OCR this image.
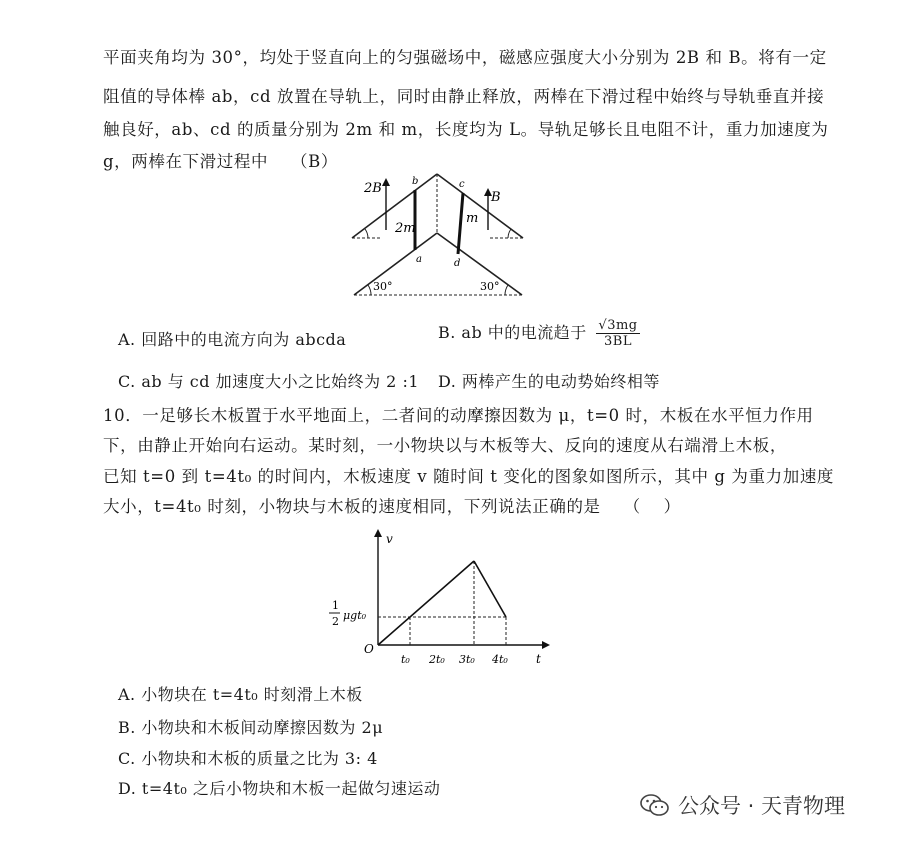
平面夹角均为 30°，均处于竖直向上的匀强磁场中，磁感应强度大小分别为 2B 和 B。将有一定
阻值的导体棒 ab，cd 放置在导轨上，同时由静止释放，两棒在下滑过程中始终与导轨垂直并接
触良好，ab、cd 的质量分别为 2m 和 m，长度均为 L。导轨足够长且电阻不计，重力加速度为
g，两棒在下滑过程中　 （B）
2B
B
2m
m
b	c
a	d
30°	30°
A. 回路中的电流方向为 abcda	B. ab 中的电流趋于 $\frac{√3mg}{3BL}$
C. ab 与 cd 加速度大小之比始终为 2 :1 D. 两棒产生的电动势始终相等
10．一足够长木板置于水平地面上，二者间的动摩擦因数为 μ，t=0 时，木板在水平恒力作用
下，由静止开始向右运动。某时刻，一小物块以与木板等大、反向的速度从右端滑上木板，
已知 t=0 到 t=4t₀ 的时间内，木板速度 v 随时间 t 变化的图象如图所示，其中 g 为重力加速度
大小，t=4t₀ 时刻，小物块与木板的速度相同，下列说法正确的是　 （　 ）
v
t
O
1
2 μgt₀
t₀ 2t₀ 3t₀ 4t₀
A. 小物块在 t=4t₀ 时刻滑上木板
B. 小物块和木板间动摩擦因数为 2μ
C. 小物块和木板的质量之比为 3: 4
D. t=4t₀ 之后小物块和木板一起做匀速运动
公众号 · 天青物理
